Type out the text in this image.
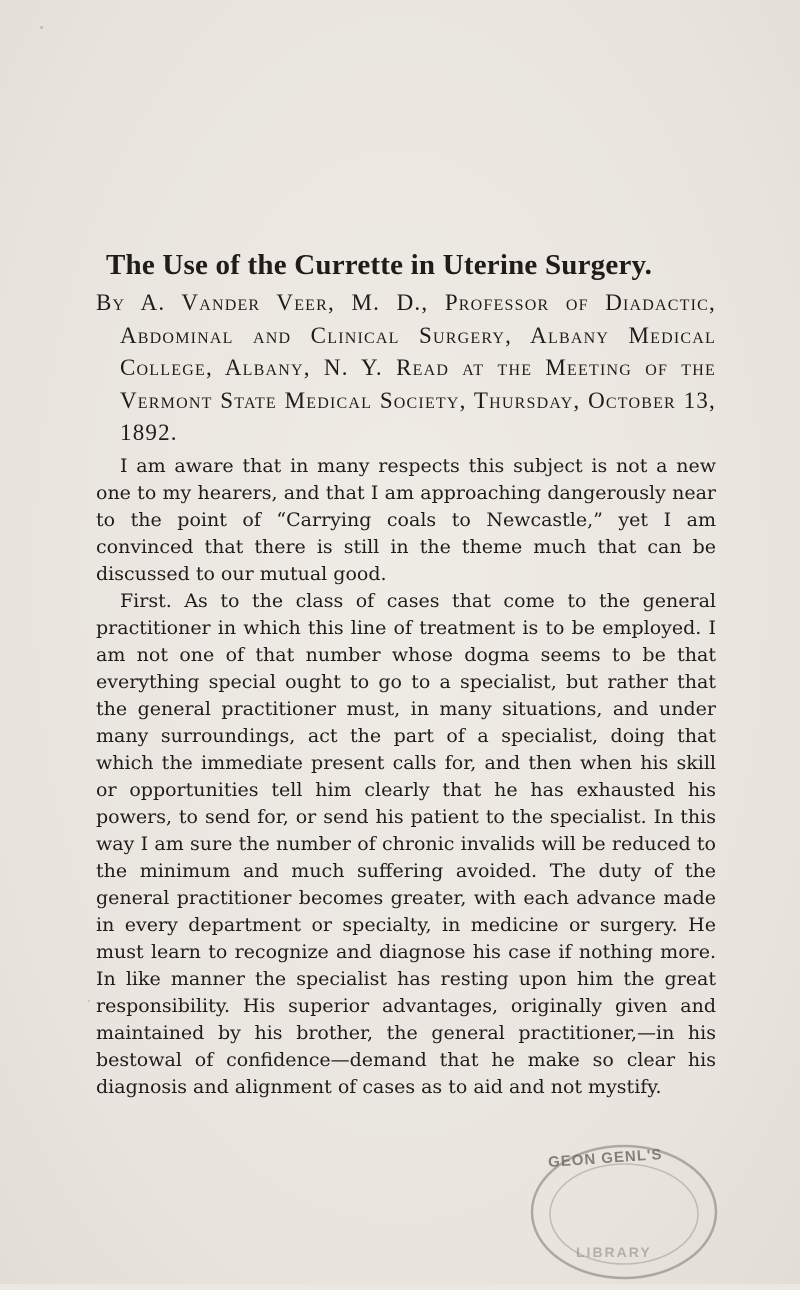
The Use of the Currette in Uterine Surgery.

By A. Vander Veer, M. D., Professor of Diadactic, Abdominal and Clinical Surgery, Albany Medical College, Albany, N. Y. Read at the Meeting of the Vermont State Medical Society, Thursday, October 13, 1892.

I am aware that in many respects this subject is not a new one to my hearers, and that I am approaching dangerously near to the point of “Carrying coals to Newcastle,” yet I am convinced that there is still in the theme much that can be discussed to our mutual good.

First. As to the class of cases that come to the general practitioner in which this line of treatment is to be employed. I am not one of that number whose dogma seems to be that everything special ought to go to a specialist, but rather that the general practitioner must, in many situations, and under many surroundings, act the part of a specialist, doing that which the immediate present calls for, and then when his skill or opportunities tell him clearly that he has exhausted his powers, to send for, or send his patient to the specialist. In this way I am sure the number of chronic invalids will be reduced to the minimum and much suffering avoided. The duty of the general practitioner becomes greater, with each advance made in every department or specialty, in medicine or surgery. He must learn to recognize and diagnose his case if nothing more. In like manner the specialist has resting upon him the great responsibility. His superior advantages, originally given and maintained by his brother, the general practitioner,—in his bestowal of confidence—demand that he make so clear his diagnosis and alignment of cases as to aid and not mystify.

GEON GENL'S
LIBRARY
